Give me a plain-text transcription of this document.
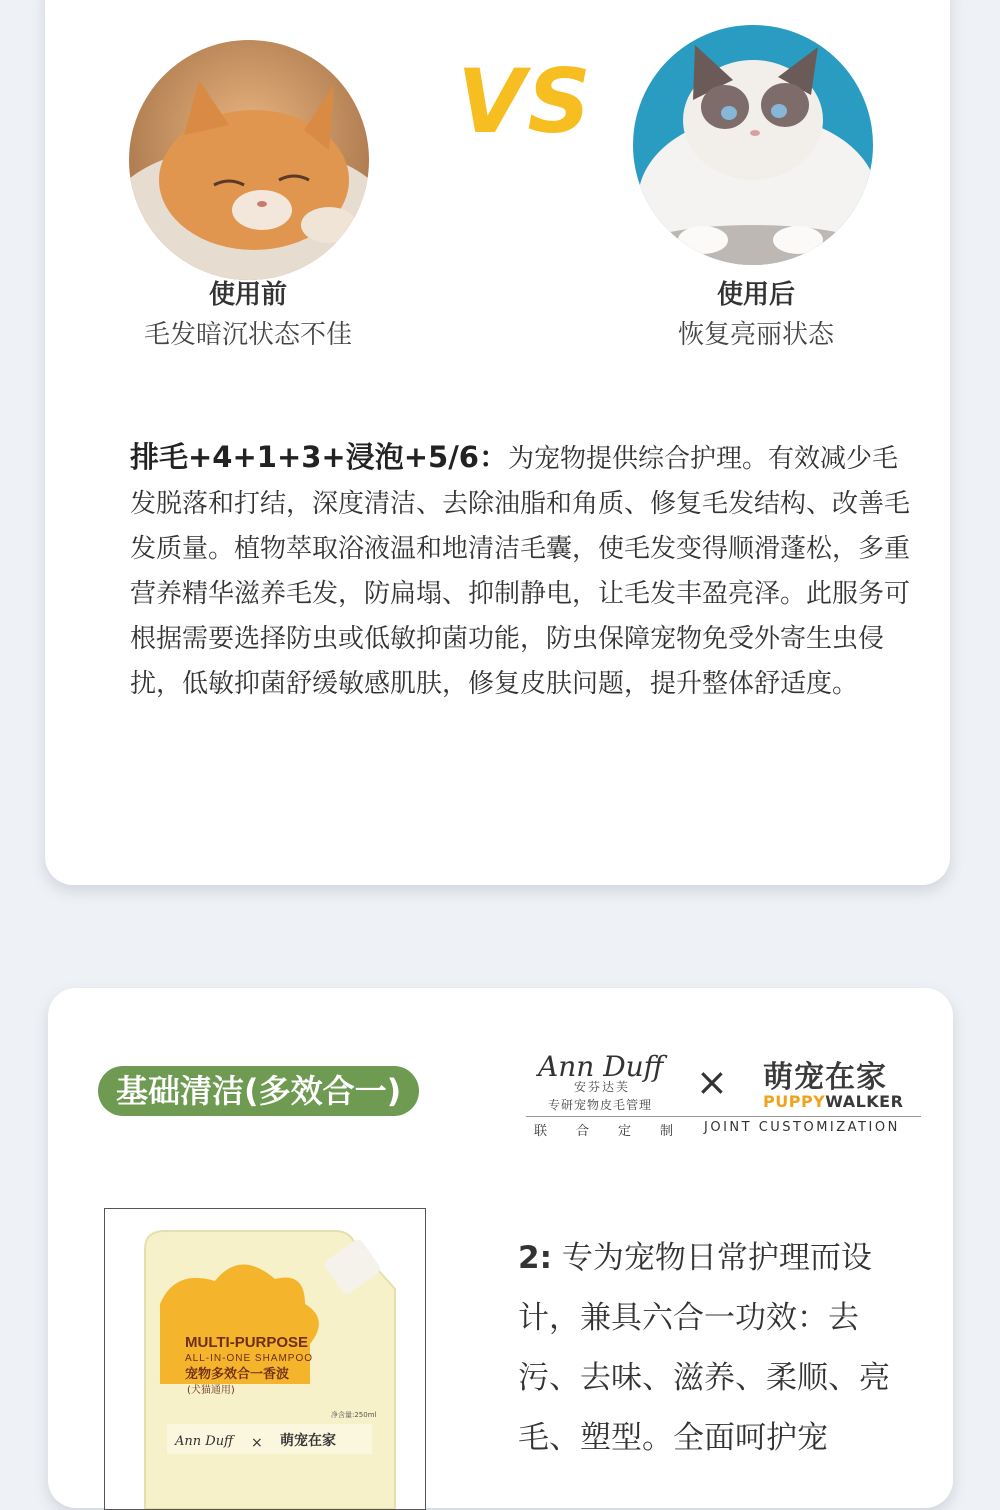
VS
使用前
毛发暗沉状态不佳
使用后
恢复亮丽状态
排毛+4+1+3+浸泡+5/6：为宠物提供综合护理。有效减少毛发脱落和打结，深度清洁、去除油脂和角质、修复毛发结构、改善毛发质量。植物萃取浴液温和地清洁毛囊，使毛发变得顺滑蓬松，多重营养精华滋养毛发，防扁塌、抑制静电，让毛发丰盈亮泽。此服务可根据需要选择防虫或低敏抑菌功能，防虫保障宠物免受外寄生虫侵扰，低敏抑菌舒缓敏感肌肤，修复皮肤问题，提升整体舒适度。
基础清洁(多效合一)
Ann Duff
安芬达芙
专研宠物皮毛管理
× 萌宠在家
PUPPYWALKER
联合定制 JOINT CUSTOMIZATION
MULTI-PURPOSE
ALL-IN-ONE SHAMPOO
宠物多效合一香波
(犬猫通用)
净含量:250ml
Ann Duff × 萌宠在家
2: 专为宠物日常护理而设计，兼具六合一功效：去污、去味、滋养、柔顺、亮毛、塑型。全面呵护宠
